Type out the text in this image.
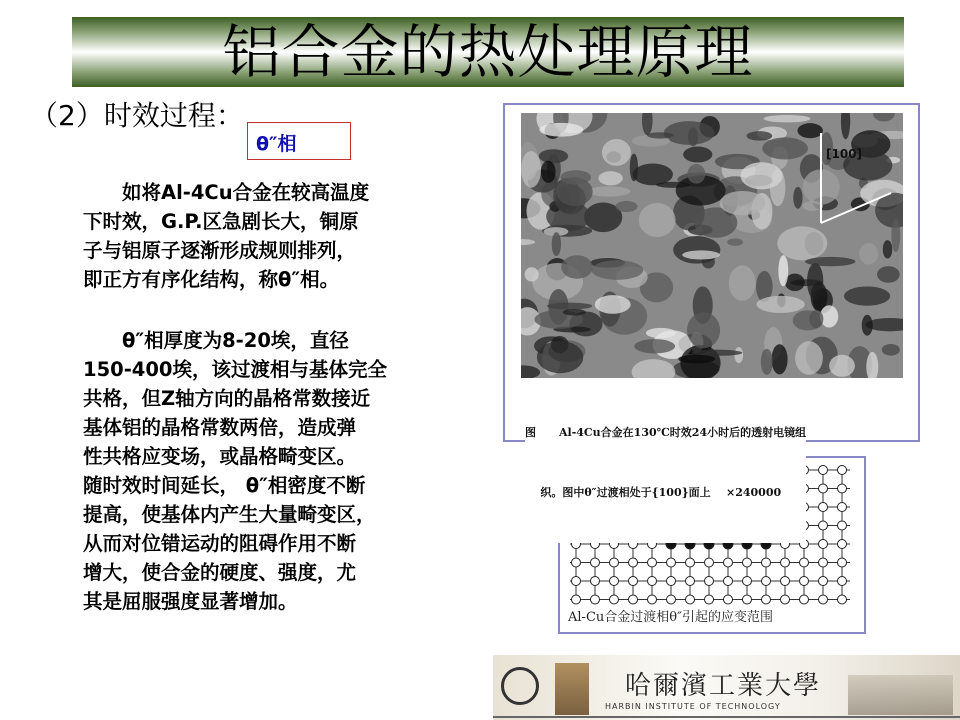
铝合金的热处理原理
（2）时效过程：
θ″相
　　如将Al-4Cu合金在较高温度
下时效，G.P.区急剧长大，铜原
子与铝原子逐渐形成规则排列，
即正方有序化结构，称θ″相。
　　θ″相厚度为8-20埃，直径
150-400埃，该过渡相与基体完全
共格，但Z轴方向的晶格常数接近
基体铝的晶格常数两倍，造成弹
性共格应变场，或晶格畸变区。
随时效时间延长， θ″相密度不断
提高，使基体内产生大量畸变区，
从而对位错运动的阻碍作用不断
增大，使合金的硬度、强度，尤
其是屈服强度显著增加。
[100]

图      Al-4Cu合金在130℃时效24小时后的透射电镜组

织。图中θ″过渡相处于{100}面上    ×240000

Al-Cu合金过渡相θ″引起的应变范围
哈爾濱工業大學
HARBIN INSTITUTE OF TECHNOLOGY
